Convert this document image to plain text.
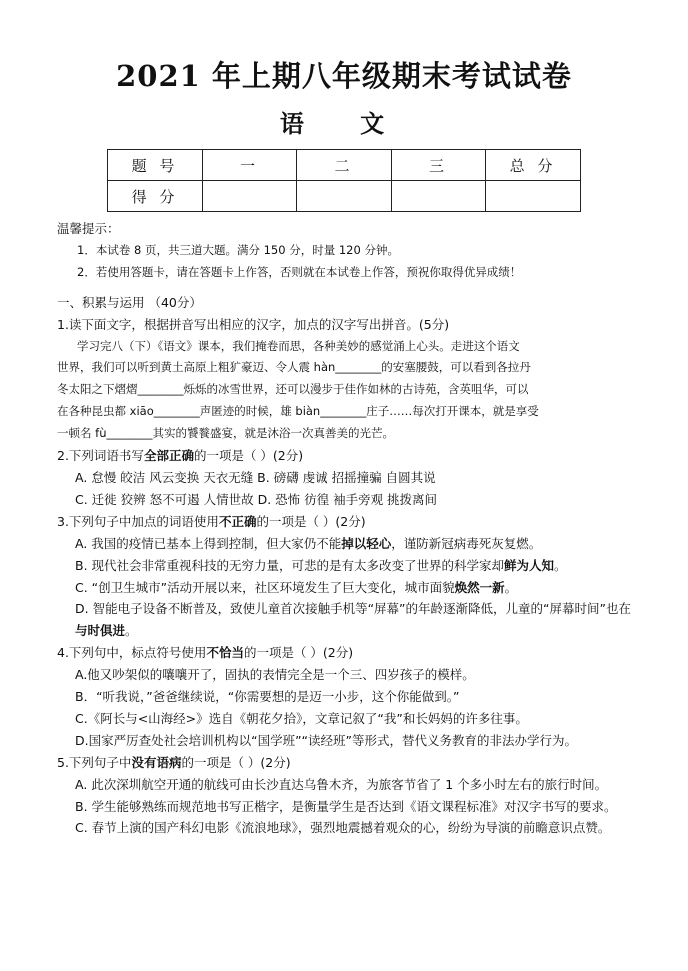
2021 年上期八年级期末考试试卷
语 文
题 号	一	二	三	总 分
得 分				

温馨提示：

1．本试卷 8 页，共三道大题。满分 150 分，时量 120 分钟。

2．若使用答题卡，请在答题卡上作答，否则就在本试卷上作答，预祝你取得优异成绩！

一、积累与运用 （40分）

1.读下面文字，根据拼音写出相应的汉字，加点的汉字写出拼音。(5分)

学习完八（下）《语文》课本，我们掩卷而思，各种美妙的感觉涌上心头。走进这个语文

世界，我们可以听到黄土高原上粗犷豪迈、令人震 hàn________的安塞腰鼓，可以看到各拉丹

冬太阳之下熠熠________烁烁的冰雪世界，还可以漫步于佳作如林的古诗苑，含英咀华，可以

在各种昆虫都 xiāo________声匿迹的时候，雄 biàn________庄子……每次打开课本，就是享受

一顿名 fù________其实的饕餮盛宴，就是沐浴一次真善美的光芒。

2.下列词语书写全部正确的一项是（ ）(2分)

A. 怠慢 皎洁 风云变换 天衣无缝 B. 磅礴 虔诚 招摇撞骗 自圆其说

C. 迁徙 狡辨 怒不可遏 人情世故 D. 恐怖 彷徨 袖手旁观 挑拨离间

3.下列句子中加点的词语使用不正确的一项是（ ）(2分)

A. 我国的疫情已基本上得到控制，但大家仍不能掉以轻心，谨防新冠病毒死灰复燃。

B. 现代社会非常重视科技的无穷力量，可悲的是有太多改变了世界的科学家却鲜为人知。

C. “创卫生城市”活动开展以来，社区环境发生了巨大变化，城市面貌焕然一新。

D. 智能电子设备不断普及，致使儿童首次接触手机等“屏幕”的年龄逐渐降低，儿童的“屏幕时间”也在与时俱进。

4.下列句中，标点符号使用不恰当的一项是（ ）(2分)

A.他又吵架似的嚷嚷开了，固执的表情完全是一个三、四岁孩子的模样。

B．“听我说，”爸爸继续说，“你需要想的是迈一小步，这个你能做到。”

C.《阿长与<山海经>》选自《朝花夕拾》，文章记叙了“我”和长妈妈的许多往事。

D.国家严厉查处社会培训机构以“国学班”“读经班”等形式，替代义务教育的非法办学行为。

5.下列句子中没有语病的一项是（ ）(2分)

A. 此次深圳航空开通的航线可由长沙直达乌鲁木齐，为旅客节省了 1 个多小时左右的旅行时间。

B. 学生能够熟练而规范地书写正楷字，是衡量学生是否达到《语文课程标准》对汉字书写的要求。

C. 春节上演的国产科幻电影《流浪地球》，强烈地震撼着观众的心，纷纷为导演的前瞻意识点赞。
